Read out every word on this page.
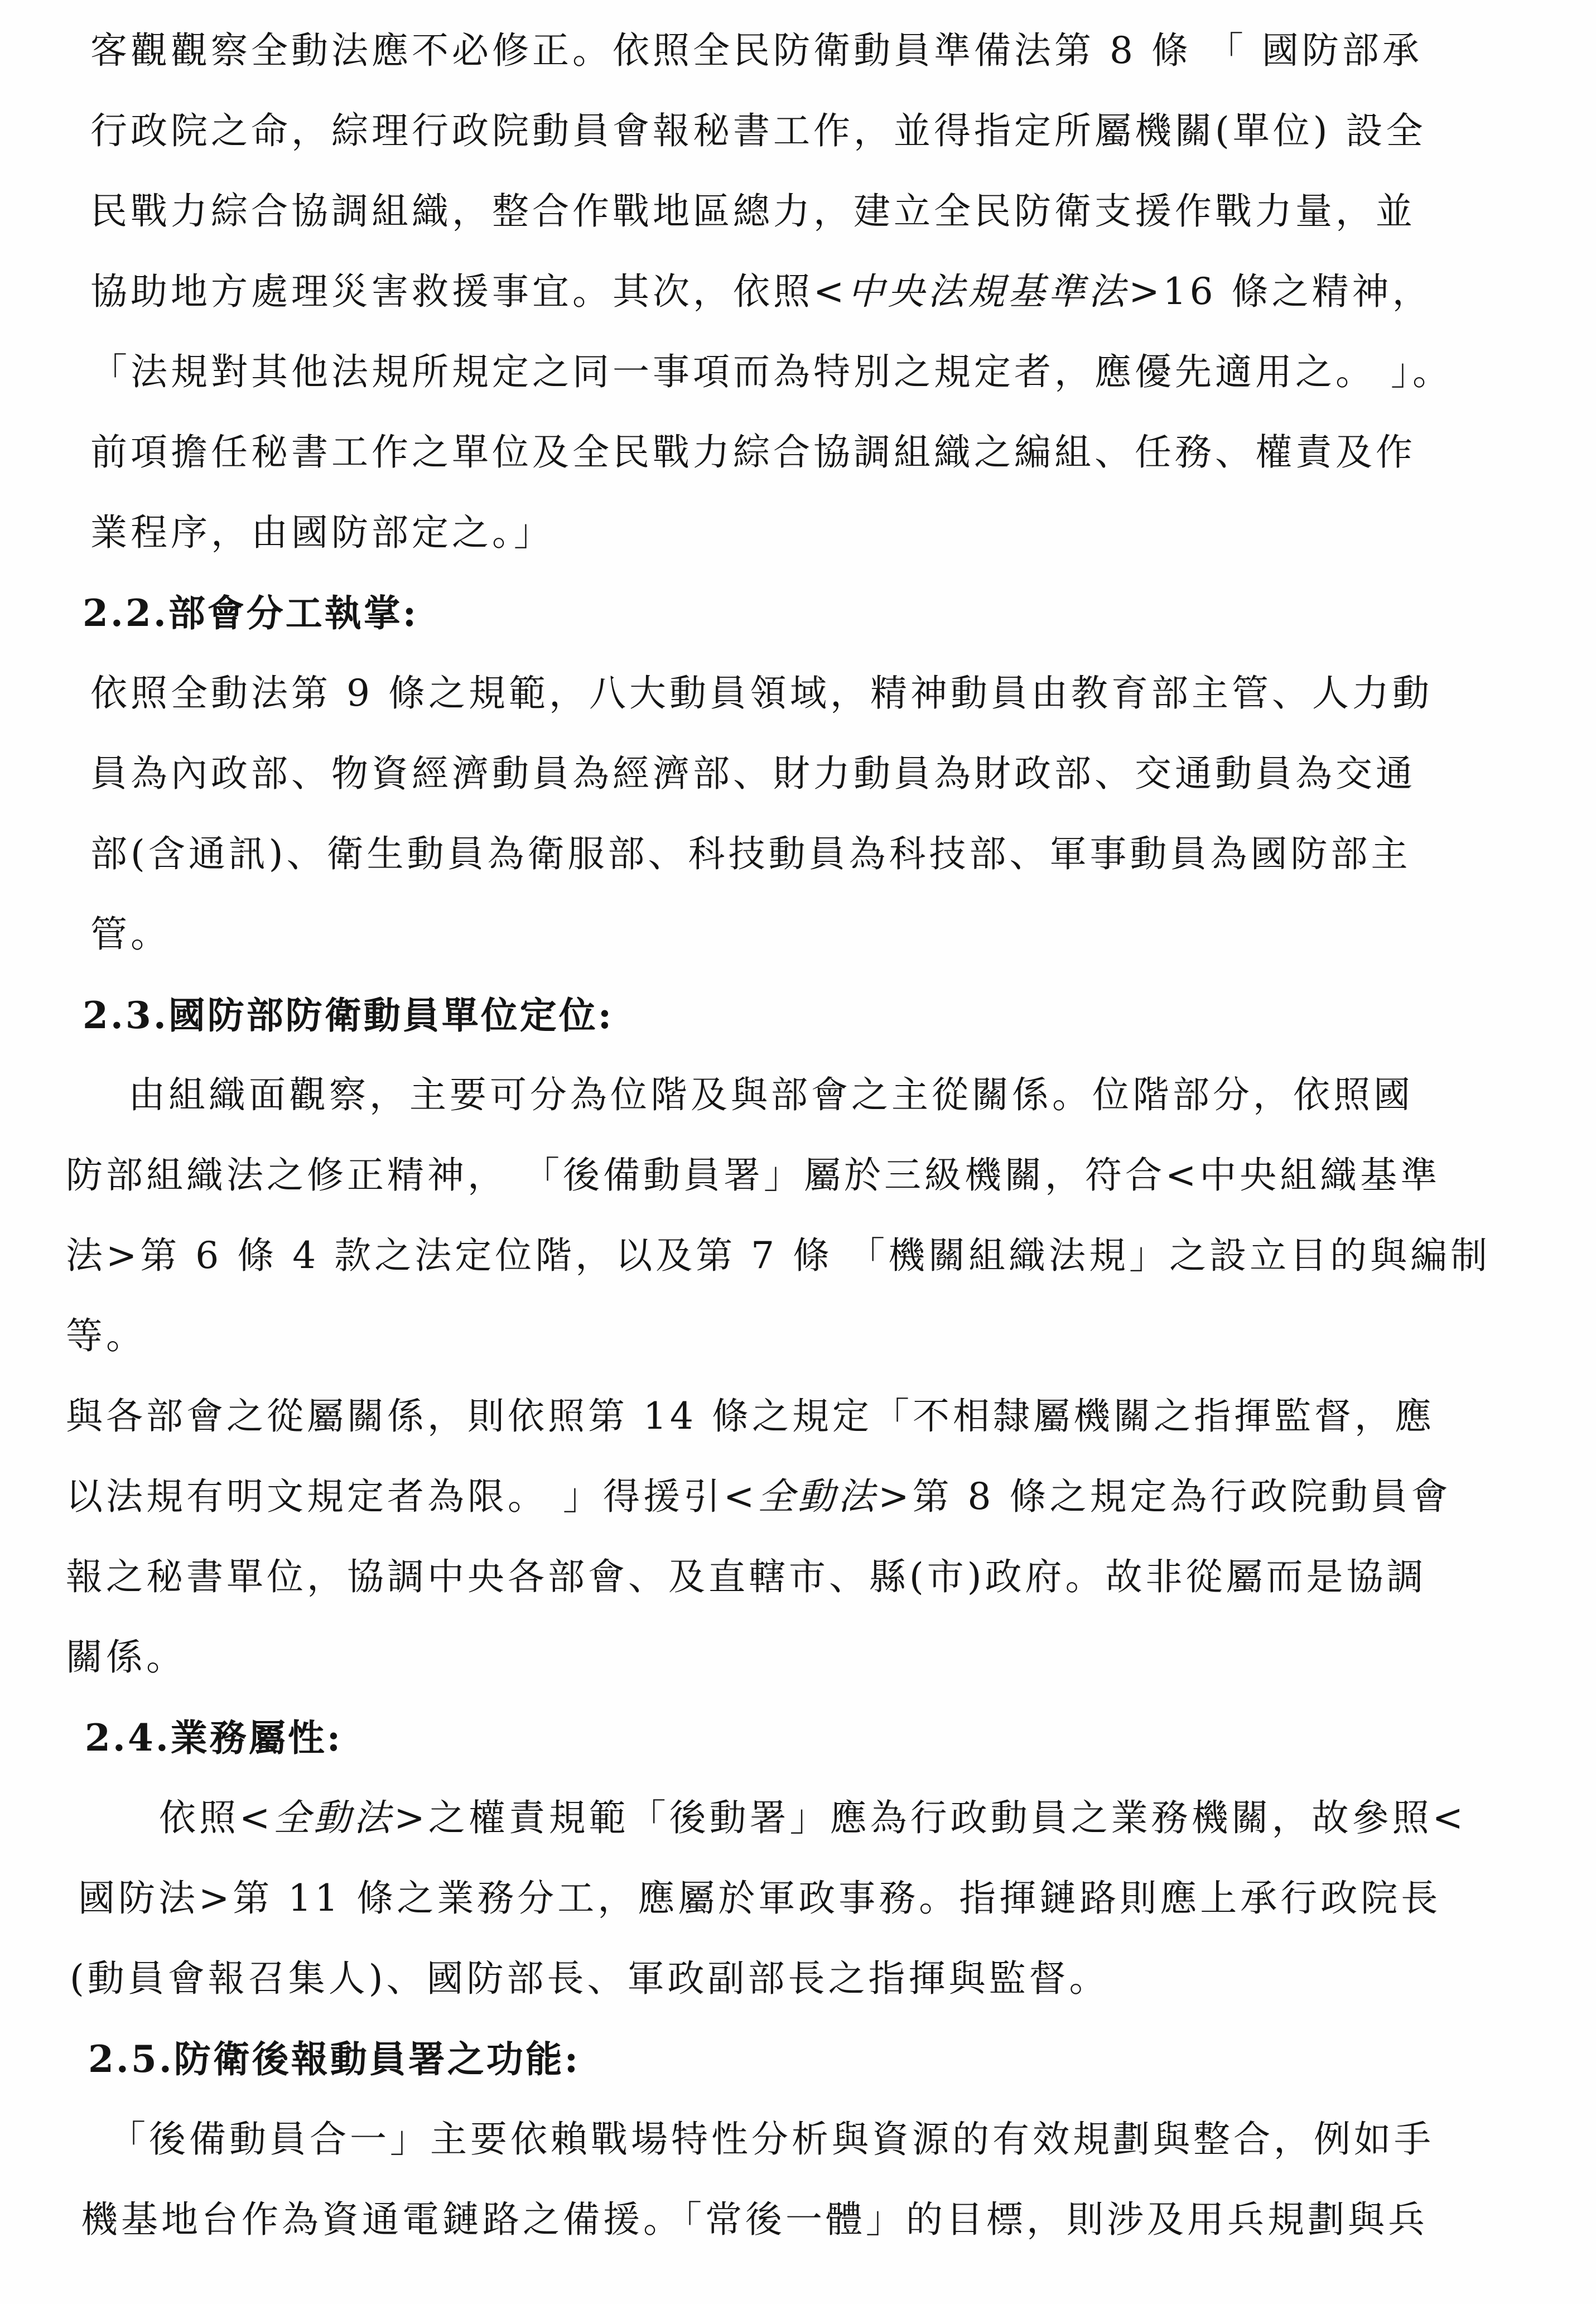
客觀觀察全動法應不必修正。依照全民防衛動員準備法第 8 條 「 國防部承
行政院之命，綜理行政院動員會報秘書工作，並得指定所屬機關(單位) 設全
民戰力綜合協調組織，整合作戰地區總力，建立全民防衛支援作戰力量，並
協助地方處理災害救援事宜。其次，依照<中央法規基準法>16 條之精神，
「法規對其他法規所規定之同一事項而為特別之規定者，應優先適用之。 」。
前項擔任秘書工作之單位及全民戰力綜合協調組織之編組、任務、權責及作
業程序，由國防部定之。」
2.2.部會分工執掌:
依照全動法第 9 條之規範，八大動員領域，精神動員由教育部主管、人力動
員為內政部、物資經濟動員為經濟部、財力動員為財政部、交通動員為交通
部(含通訊)、衛生動員為衛服部、科技動員為科技部、軍事動員為國防部主
管。
2.3.國防部防衛動員單位定位:
由組織面觀察，主要可分為位階及與部會之主從關係。位階部分，依照國
防部組織法之修正精神， 「後備動員署」屬於三級機關，符合<中央組織基準
法>第 6 條 4 款之法定位階，以及第 7 條 「機關組織法規」之設立目的與編制
等。
與各部會之從屬關係，則依照第 14 條之規定「不相隸屬機關之指揮監督，應
以法規有明文規定者為限。 」得援引<全動法>第 8 條之規定為行政院動員會
報之秘書單位，協調中央各部會、及直轄市、縣(市)政府。故非從屬而是協調
關係。
2.4.業務屬性:
依照<全動法>之權責規範「後動署」應為行政動員之業務機關，故參照<
國防法>第 11 條之業務分工，應屬於軍政事務。指揮鏈路則應上承行政院長
(動員會報召集人)、國防部長、軍政副部長之指揮與監督。
2.5.防衛後報動員署之功能:
「後備動員合一」主要依賴戰場特性分析與資源的有效規劃與整合，例如手
機基地台作為資通電鏈路之備援。「常後一體」的目標，則涉及用兵規劃與兵
